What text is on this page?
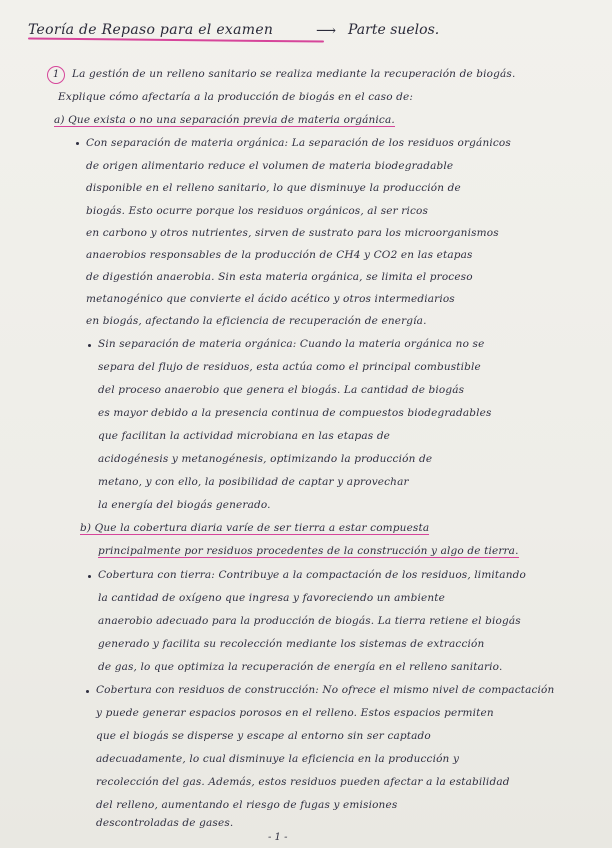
Teoría de Repaso para el examen	⟶ Parte suelos.
1	La gestión de un relleno sanitario se realiza mediante la recuperación de biogás.
Explique cómo afectaría a la producción de biogás en el caso de:
a) Que exista o no una separación previa de materia orgánica.
Con separación de materia orgánica: La separación de los residuos orgánicos
de origen alimentario reduce el volumen de materia biodegradable
disponible en el relleno sanitario, lo que disminuye la producción de
biogás. Esto ocurre porque los residuos orgánicos, al ser ricos
en carbono y otros nutrientes, sirven de sustrato para los microorganismos
anaerobios responsables de la producción de CH4 y CO2 en las etapas
de digestión anaerobia. Sin esta materia orgánica, se limita el proceso
metanogénico que convierte el ácido acético y otros intermediarios
en biogás, afectando la eficiencia de recuperación de energía.
Sin separación de materia orgánica: Cuando la materia orgánica no se
separa del flujo de residuos, esta actúa como el principal combustible
del proceso anaerobio que genera el biogás. La cantidad de biogás
es mayor debido a la presencia continua de compuestos biodegradables
que facilitan la actividad microbiana en las etapas de
acidogénesis y metanogénesis, optimizando la producción de
metano, y con ello, la posibilidad de captar y aprovechar
la energía del biogás generado.
b) Que la cobertura diaria varíe de ser tierra a estar compuesta
principalmente por residuos procedentes de la construcción y algo de tierra.
Cobertura con tierra: Contribuye a la compactación de los residuos, limitando
la cantidad de oxígeno que ingresa y favoreciendo un ambiente
anaerobio adecuado para la producción de biogás. La tierra retiene el biogás
generado y facilita su recolección mediante los sistemas de extracción
de gas, lo que optimiza la recuperación de energía en el relleno sanitario.
Cobertura con residuos de construcción: No ofrece el mismo nivel de compactación
y puede generar espacios porosos en el relleno. Estos espacios permiten
que el biogás se disperse y escape al entorno sin ser captado
adecuadamente, lo cual disminuye la eficiencia en la producción y
recolección del gas. Además, estos residuos pueden afectar a la estabilidad
del relleno, aumentando el riesgo de fugas y emisiones
descontroladas de gases.
- 1 -
